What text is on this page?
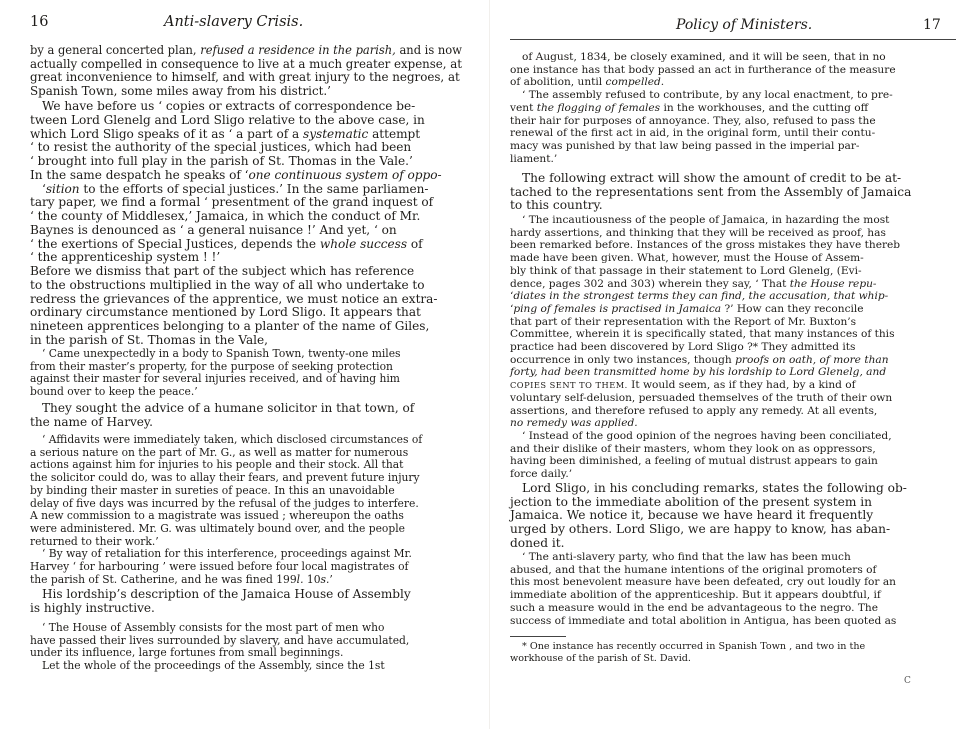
16	Anti-slavery Crisis.

by a general concerted plan, refused a residence in the parish, and is now

actually compelled in consequence to live at a much greater expense, at

great inconvenience to himself, and with great injury to the negroes, at

Spanish Town, some miles away from his district.’

We have before us ‘ copies or extracts of correspondence be-

tween Lord Glenelg and Lord Sligo relative to the above case, in

which Lord Sligo speaks of it as ‘ a part of a systematic attempt

‘ to resist the authority of the special justices, which had been

‘ brought into full play in the parish of St. Thomas in the Vale.’

In the same despatch he speaks of ‘one continuous system of oppo-

‘sition to the efforts of special justices.’ In the same parliamen-

tary paper, we find a formal ‘ presentment of the grand inquest of

‘ the county of Middlesex,’ Jamaica, in which the conduct of Mr.

Baynes is denounced as ‘ a general nuisance !’ And yet, ‘ on

‘ the exertions of Special Justices, depends the whole success of

‘ the apprenticeship system ! !’

Before we dismiss that part of the subject which has reference

to the obstructions multiplied in the way of all who undertake to

redress the grievances of the apprentice, we must notice an extra-

ordinary circumstance mentioned by Lord Sligo. It appears that

nineteen apprentices belonging to a planter of the name of Giles,

in the parish of St. Thomas in the Vale,

‘ Came unexpectedly in a body to Spanish Town, twenty-one miles

from their master’s property, for the purpose of seeking protection

against their master for several injuries received, and of having him

bound over to keep the peace.’

They sought the advice of a humane solicitor in that town, of

the name of Harvey.

‘ Affidavits were immediately taken, which disclosed circumstances of

a serious nature on the part of Mr. G., as well as matter for numerous

actions against him for injuries to his people and their stock. All that

the solicitor could do, was to allay their fears, and prevent future injury

by binding their master in sureties of peace. In this an unavoidable

delay of five days was incurred by the refusal of the judges to interfere.

A new commission to a magistrate was issued ; whereupon the oaths

were administered. Mr. G. was ultimately bound over, and the people

returned to their work.’

‘ By way of retaliation for this interference, proceedings against Mr.

Harvey ‘ for harbouring ’ were issued before four local magistrates of

the parish of St. Catherine, and he was fined 199l. 10s.’

His lordship’s description of the Jamaica House of Assembly

is highly instructive.

‘ The House of Assembly consists for the most part of men who

have passed their lives surrounded by slavery, and have accumulated,

under its influence, large fortunes from small beginnings.

Let the whole of the proceedings of the Assembly, since the 1st

Policy of Ministers.	17

of August, 1834, be closely examined, and it will be seen, that in no

one instance has that body passed an act in furtherance of the measure

of abolition, until compelled.

‘ The assembly refused to contribute, by any local enactment, to pre-

vent the flogging of females in the workhouses, and the cutting off

their hair for purposes of annoyance. They, also, refused to pass the

renewal of the first act in aid, in the original form, until their contu-

macy was punished by that law being passed in the imperial par-

liament.’

The following extract will show the amount of credit to be at-

tached to the representations sent from the Assembly of Jamaica

to this country.

‘ The incautiousness of the people of Jamaica, in hazarding the most

hardy assertions, and thinking that they will be received as proof, has

been remarked before. Instances of the gross mistakes they have thereb

made have been given. What, however, must the House of Assem-

bly think of that passage in their statement to Lord Glenelg, (Evi-

dence, pages 302 and 303) wherein they say, ‘ That the House repu-

‘diates in the strongest terms they can find, the accusation, that whip-

‘ping of females is practised in Jamaica ?’ How can they reconcile

that part of their representation with the Report of Mr. Buxton’s

Committee, wherein it is specifically stated, that many instances of this

practice had been discovered by Lord Sligo ?* They admitted its

occurrence in only two instances, though proofs on oath, of more than

forty, had been transmitted home by his lordship to Lord Glenelg, and

COPIES SENT TO THEM. It would seem, as if they had, by a kind of

voluntary self-delusion, persuaded themselves of the truth of their own

assertions, and therefore refused to apply any remedy. At all events,

no remedy was applied.

‘ Instead of the good opinion of the negroes having been conciliated,

and their dislike of their masters, whom they look on as oppressors,

having been diminished, a feeling of mutual distrust appears to gain

force daily.’

Lord Sligo, in his concluding remarks, states the following ob-

jection to the immediate abolition of the present system in

Jamaica. We notice it, because we have heard it frequently

urged by others. Lord Sligo, we are happy to know, has aban-

doned it.

‘ The anti-slavery party, who find that the law has been much

abused, and that the humane intentions of the original promoters of

this most benevolent measure have been defeated, cry out loudly for an

immediate abolition of the apprenticeship. But it appears doubtful, if

such a measure would in the end be advantageous to the negro. The

success of immediate and total abolition in Antigua, has been quoted as

* One instance has recently occurred in Spanish Town , and two in the

workhouse of the parish of St. David.

C
